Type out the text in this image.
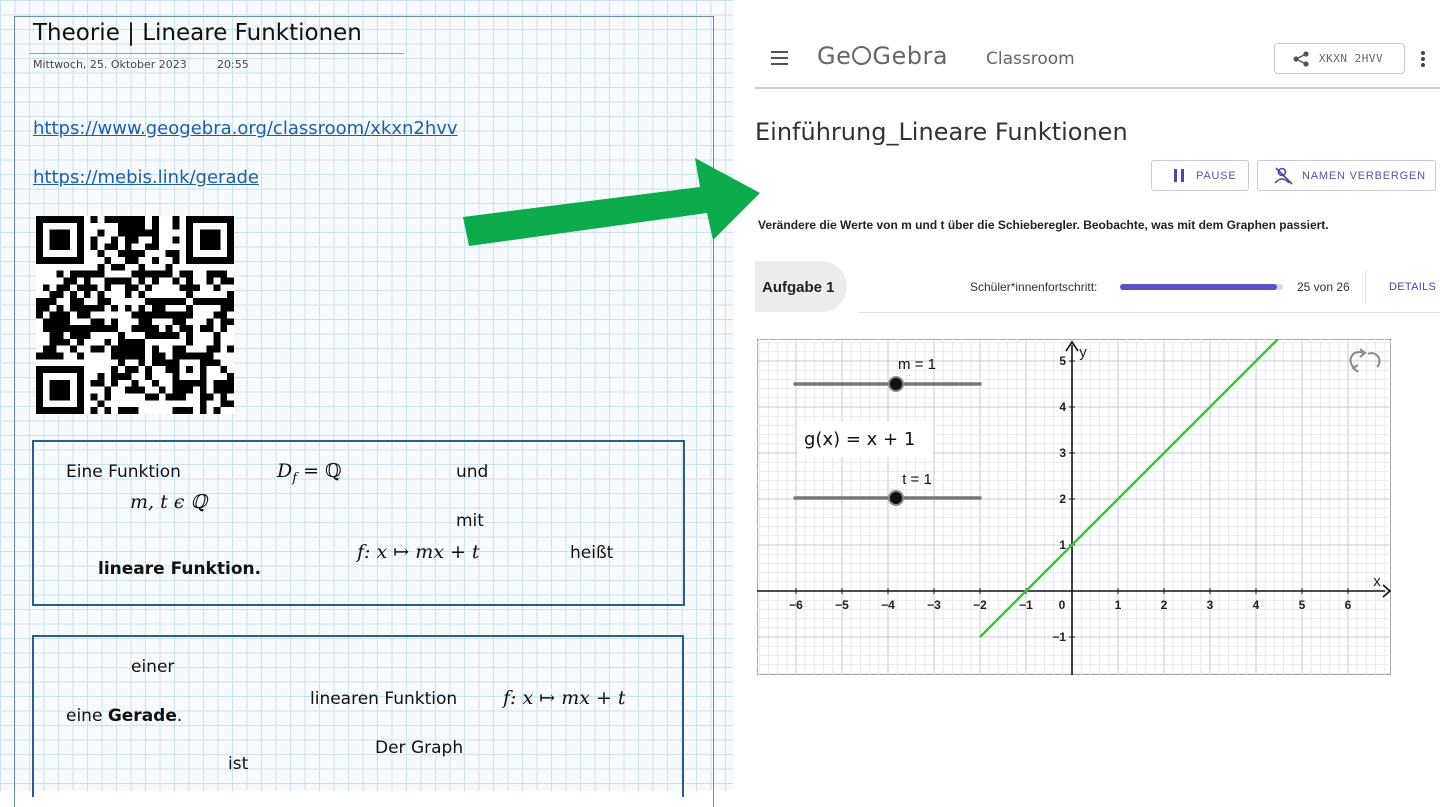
Theorie | Lineare Funktionen
Mittwoch, 25. Oktober 2023	20:55
https://www.geogebra.org/classroom/xkxn2hvv
https://mebis.link/gerade
Eine Funktion	$D_f$ = ℚ	und
m, t ϵ ℚ
mit
f: x ↦ mx + t	heißt
lineare Funktion.
einer
linearen Funktion f: x ↦ mx + t
eine Gerade.
Der Graph
ist
Ge Gebra Classroom	XKXN 2HVV
Einführung_Lineare Funktionen
PAUSE	NAMEN VERBERGEN
Verändere die Werte von m und t über die Schieberegler. Beobachte, was mit dem Graphen passiert.
Aufgabe 1	Schüler*innenfortschritt:	25 von 26	DETAILS
−6	−5	−4	−3	−2	−1 0	1	2	3	4	5	6
−1
1
2
3
4
5
x
y
m = 1
t = 1
g(x) = x + 1
